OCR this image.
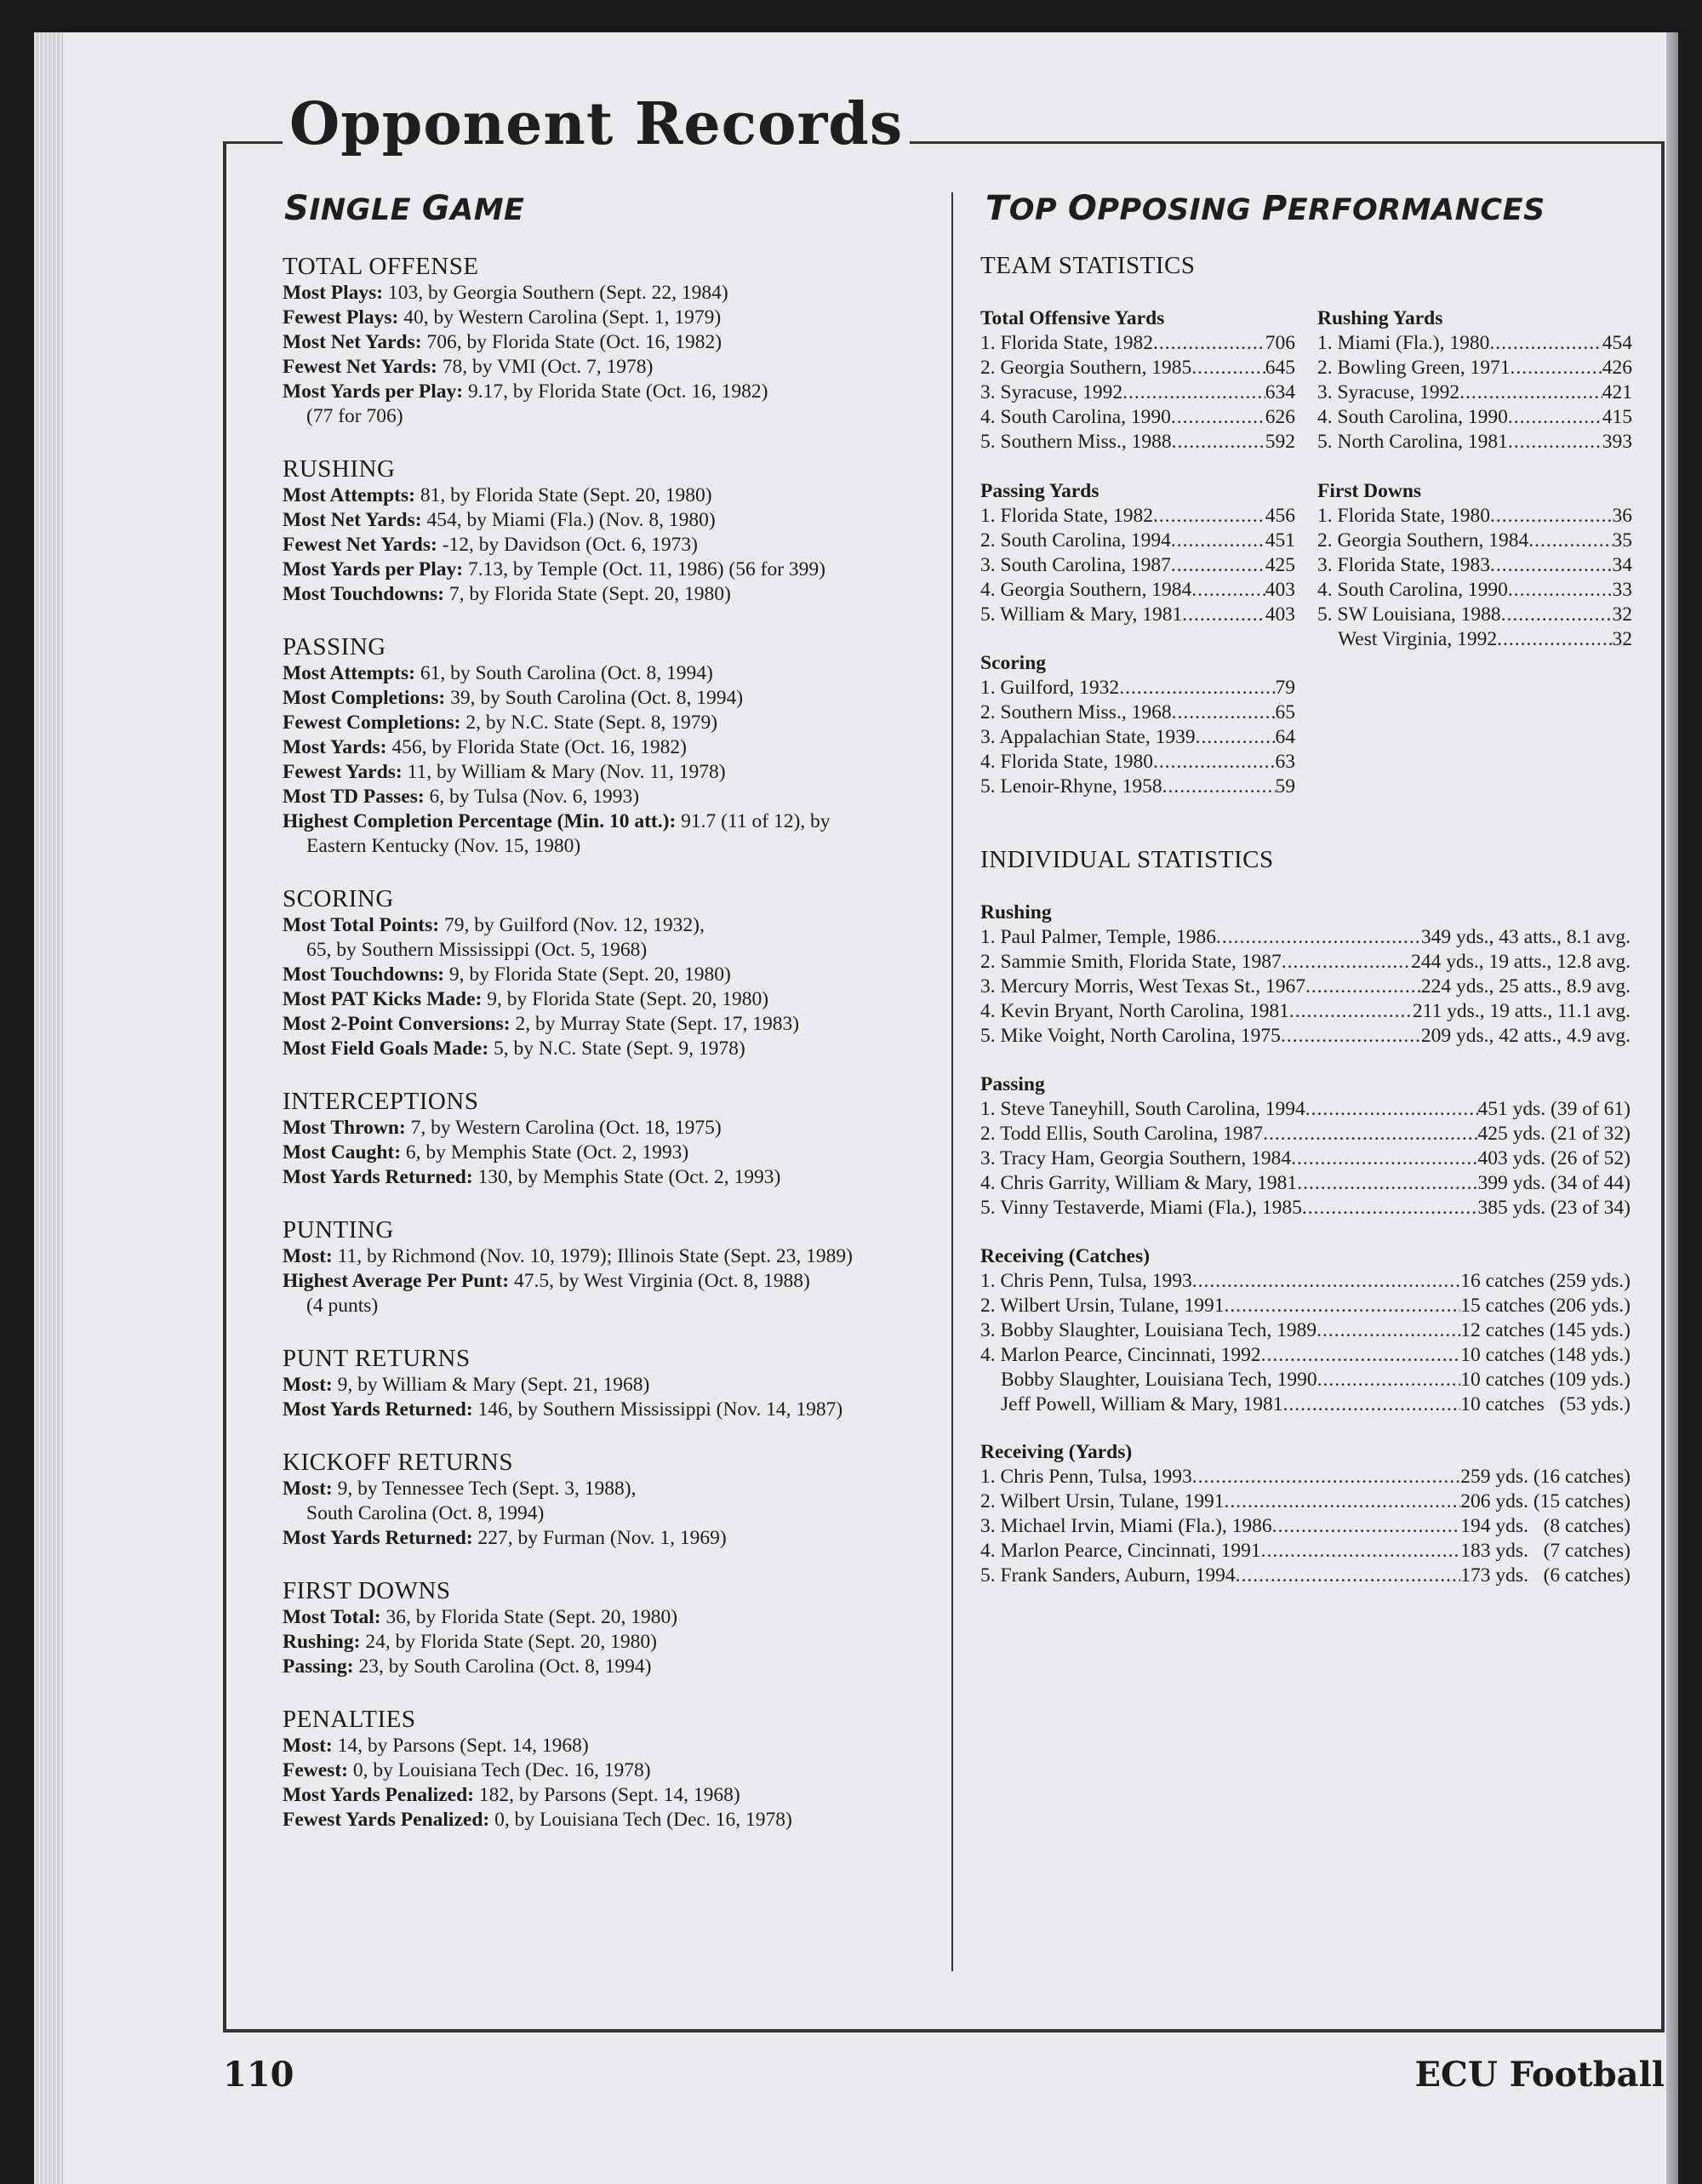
Opponent Records
SINGLE GAME	TOP OPPOSING PERFORMANCES
TOTAL OFFENSE
Most Plays: 103, by Georgia Southern (Sept. 22, 1984)
Fewest Plays: 40, by Western Carolina (Sept. 1, 1979)
Most Net Yards: 706, by Florida State (Oct. 16, 1982)
Fewest Net Yards: 78, by VMI (Oct. 7, 1978)
Most Yards per Play: 9.17, by Florida State (Oct. 16, 1982)
(77 for 706)
RUSHING
Most Attempts: 81, by Florida State (Sept. 20, 1980)
Most Net Yards: 454, by Miami (Fla.) (Nov. 8, 1980)
Fewest Net Yards: -12, by Davidson (Oct. 6, 1973)
Most Yards per Play: 7.13, by Temple (Oct. 11, 1986) (56 for 399)
Most Touchdowns: 7, by Florida State (Sept. 20, 1980)
PASSING
Most Attempts: 61, by South Carolina (Oct. 8, 1994)
Most Completions: 39, by South Carolina (Oct. 8, 1994)
Fewest Completions: 2, by N.C. State (Sept. 8, 1979)
Most Yards: 456, by Florida State (Oct. 16, 1982)
Fewest Yards: 11, by William & Mary (Nov. 11, 1978)
Most TD Passes: 6, by Tulsa (Nov. 6, 1993)
Highest Completion Percentage (Min. 10 att.): 91.7 (11 of 12), by
Eastern Kentucky (Nov. 15, 1980)
SCORING
Most Total Points: 79, by Guilford (Nov. 12, 1932),
65, by Southern Mississippi (Oct. 5, 1968)
Most Touchdowns: 9, by Florida State (Sept. 20, 1980)
Most PAT Kicks Made: 9, by Florida State (Sept. 20, 1980)
Most 2-Point Conversions: 2, by Murray State (Sept. 17, 1983)
Most Field Goals Made: 5, by N.C. State (Sept. 9, 1978)
INTERCEPTIONS
Most Thrown: 7, by Western Carolina (Oct. 18, 1975)
Most Caught: 6, by Memphis State (Oct. 2, 1993)
Most Yards Returned: 130, by Memphis State (Oct. 2, 1993)
PUNTING
Most: 11, by Richmond (Nov. 10, 1979); Illinois State (Sept. 23, 1989)
Highest Average Per Punt: 47.5, by West Virginia (Oct. 8, 1988)
(4 punts)
PUNT RETURNS
Most: 9, by William & Mary (Sept. 21, 1968)
Most Yards Returned: 146, by Southern Mississippi (Nov. 14, 1987)
KICKOFF RETURNS
Most: 9, by Tennessee Tech (Sept. 3, 1988),
South Carolina (Oct. 8, 1994)
Most Yards Returned: 227, by Furman (Nov. 1, 1969)
FIRST DOWNS
Most Total: 36, by Florida State (Sept. 20, 1980)
Rushing: 24, by Florida State (Sept. 20, 1980)
Passing: 23, by South Carolina (Oct. 8, 1994)
PENALTIES
Most: 14, by Parsons (Sept. 14, 1968)
Fewest: 0, by Louisiana Tech (Dec. 16, 1978)
Most Yards Penalized: 182, by Parsons (Sept. 14, 1968)
Fewest Yards Penalized: 0, by Louisiana Tech (Dec. 16, 1978)
TEAM STATISTICS
Total Offensive Yards
1. Florida State, 1982 .....	706
2. Georgia Southern, 1985 .....	645
3. Syracuse, 1992 .....	634
4. South Carolina, 1990 .....	626
5. Southern Miss., 1988 .....	592
Rushing Yards
1. Miami (Fla.), 1980 .....	454
2. Bowling Green, 1971 .....	426
3. Syracuse, 1992 .....	421
4. South Carolina, 1990 .....	415
5. North Carolina, 1981 .....	393
Passing Yards
1. Florida State, 1982 .....	456
2. South Carolina, 1994 .....	451
3. South Carolina, 1987 .....	425
4. Georgia Southern, 1984 .....	403
5. William & Mary, 1981 .....	403
First Downs
1. Florida State, 1980 .....	36
2. Georgia Southern, 1984 .....	35
3. Florida State, 1983 .....	34
4. South Carolina, 1990 .....	33
5. SW Louisiana, 1988 .....	32
West Virginia, 1992 .....	32
Scoring
1. Guilford, 1932 .....	79
2. Southern Miss., 1968 .....	65
3. Appalachian State, 1939 .....	64
4. Florida State, 1980 .....	63
5. Lenoir-Rhyne, 1958 .....	59
INDIVIDUAL STATISTICS
Rushing
1. Paul Palmer, Temple, 1986 .....	349 yds., 43 atts., 8.1 avg.
2. Sammie Smith, Florida State, 1987 .....	244 yds., 19 atts., 12.8 avg.
3. Mercury Morris, West Texas St., 1967 .....	224 yds., 25 atts., 8.9 avg.
4. Kevin Bryant, North Carolina, 1981 .....	211 yds., 19 atts., 11.1 avg.
5. Mike Voight, North Carolina, 1975 .....	209 yds., 42 atts., 4.9 avg.
Passing
1. Steve Taneyhill, South Carolina, 1994 .....	451 yds. (39 of 61)
2. Todd Ellis, South Carolina, 1987 .....	425 yds. (21 of 32)
3. Tracy Ham, Georgia Southern, 1984 .....	403 yds. (26 of 52)
4. Chris Garrity, William & Mary, 1981 .....	399 yds. (34 of 44)
5. Vinny Testaverde, Miami (Fla.), 1985 .....	385 yds. (23 of 34)
Receiving (Catches)
1. Chris Penn, Tulsa, 1993 .....	16 catches (259 yds.)
2. Wilbert Ursin, Tulane, 1991 .....	15 catches (206 yds.)
3. Bobby Slaughter, Louisiana Tech, 1989 .....	12 catches (145 yds.)
4. Marlon Pearce, Cincinnati, 1992 .....	10 catches (148 yds.)
Bobby Slaughter, Louisiana Tech, 1990 .....	10 catches (109 yds.)
Jeff Powell, William & Mary, 1981 .....	10 catches   (53 yds.)
Receiving (Yards)
1. Chris Penn, Tulsa, 1993 .....	259 yds. (16 catches)
2. Wilbert Ursin, Tulane, 1991 .....	206 yds. (15 catches)
3. Michael Irvin, Miami (Fla.), 1986 .....	194 yds.   (8 catches)
4. Marlon Pearce, Cincinnati, 1991 .....	183 yds.   (7 catches)
5. Frank Sanders, Auburn, 1994 .....	173 yds.   (6 catches)
110	ECU Football
